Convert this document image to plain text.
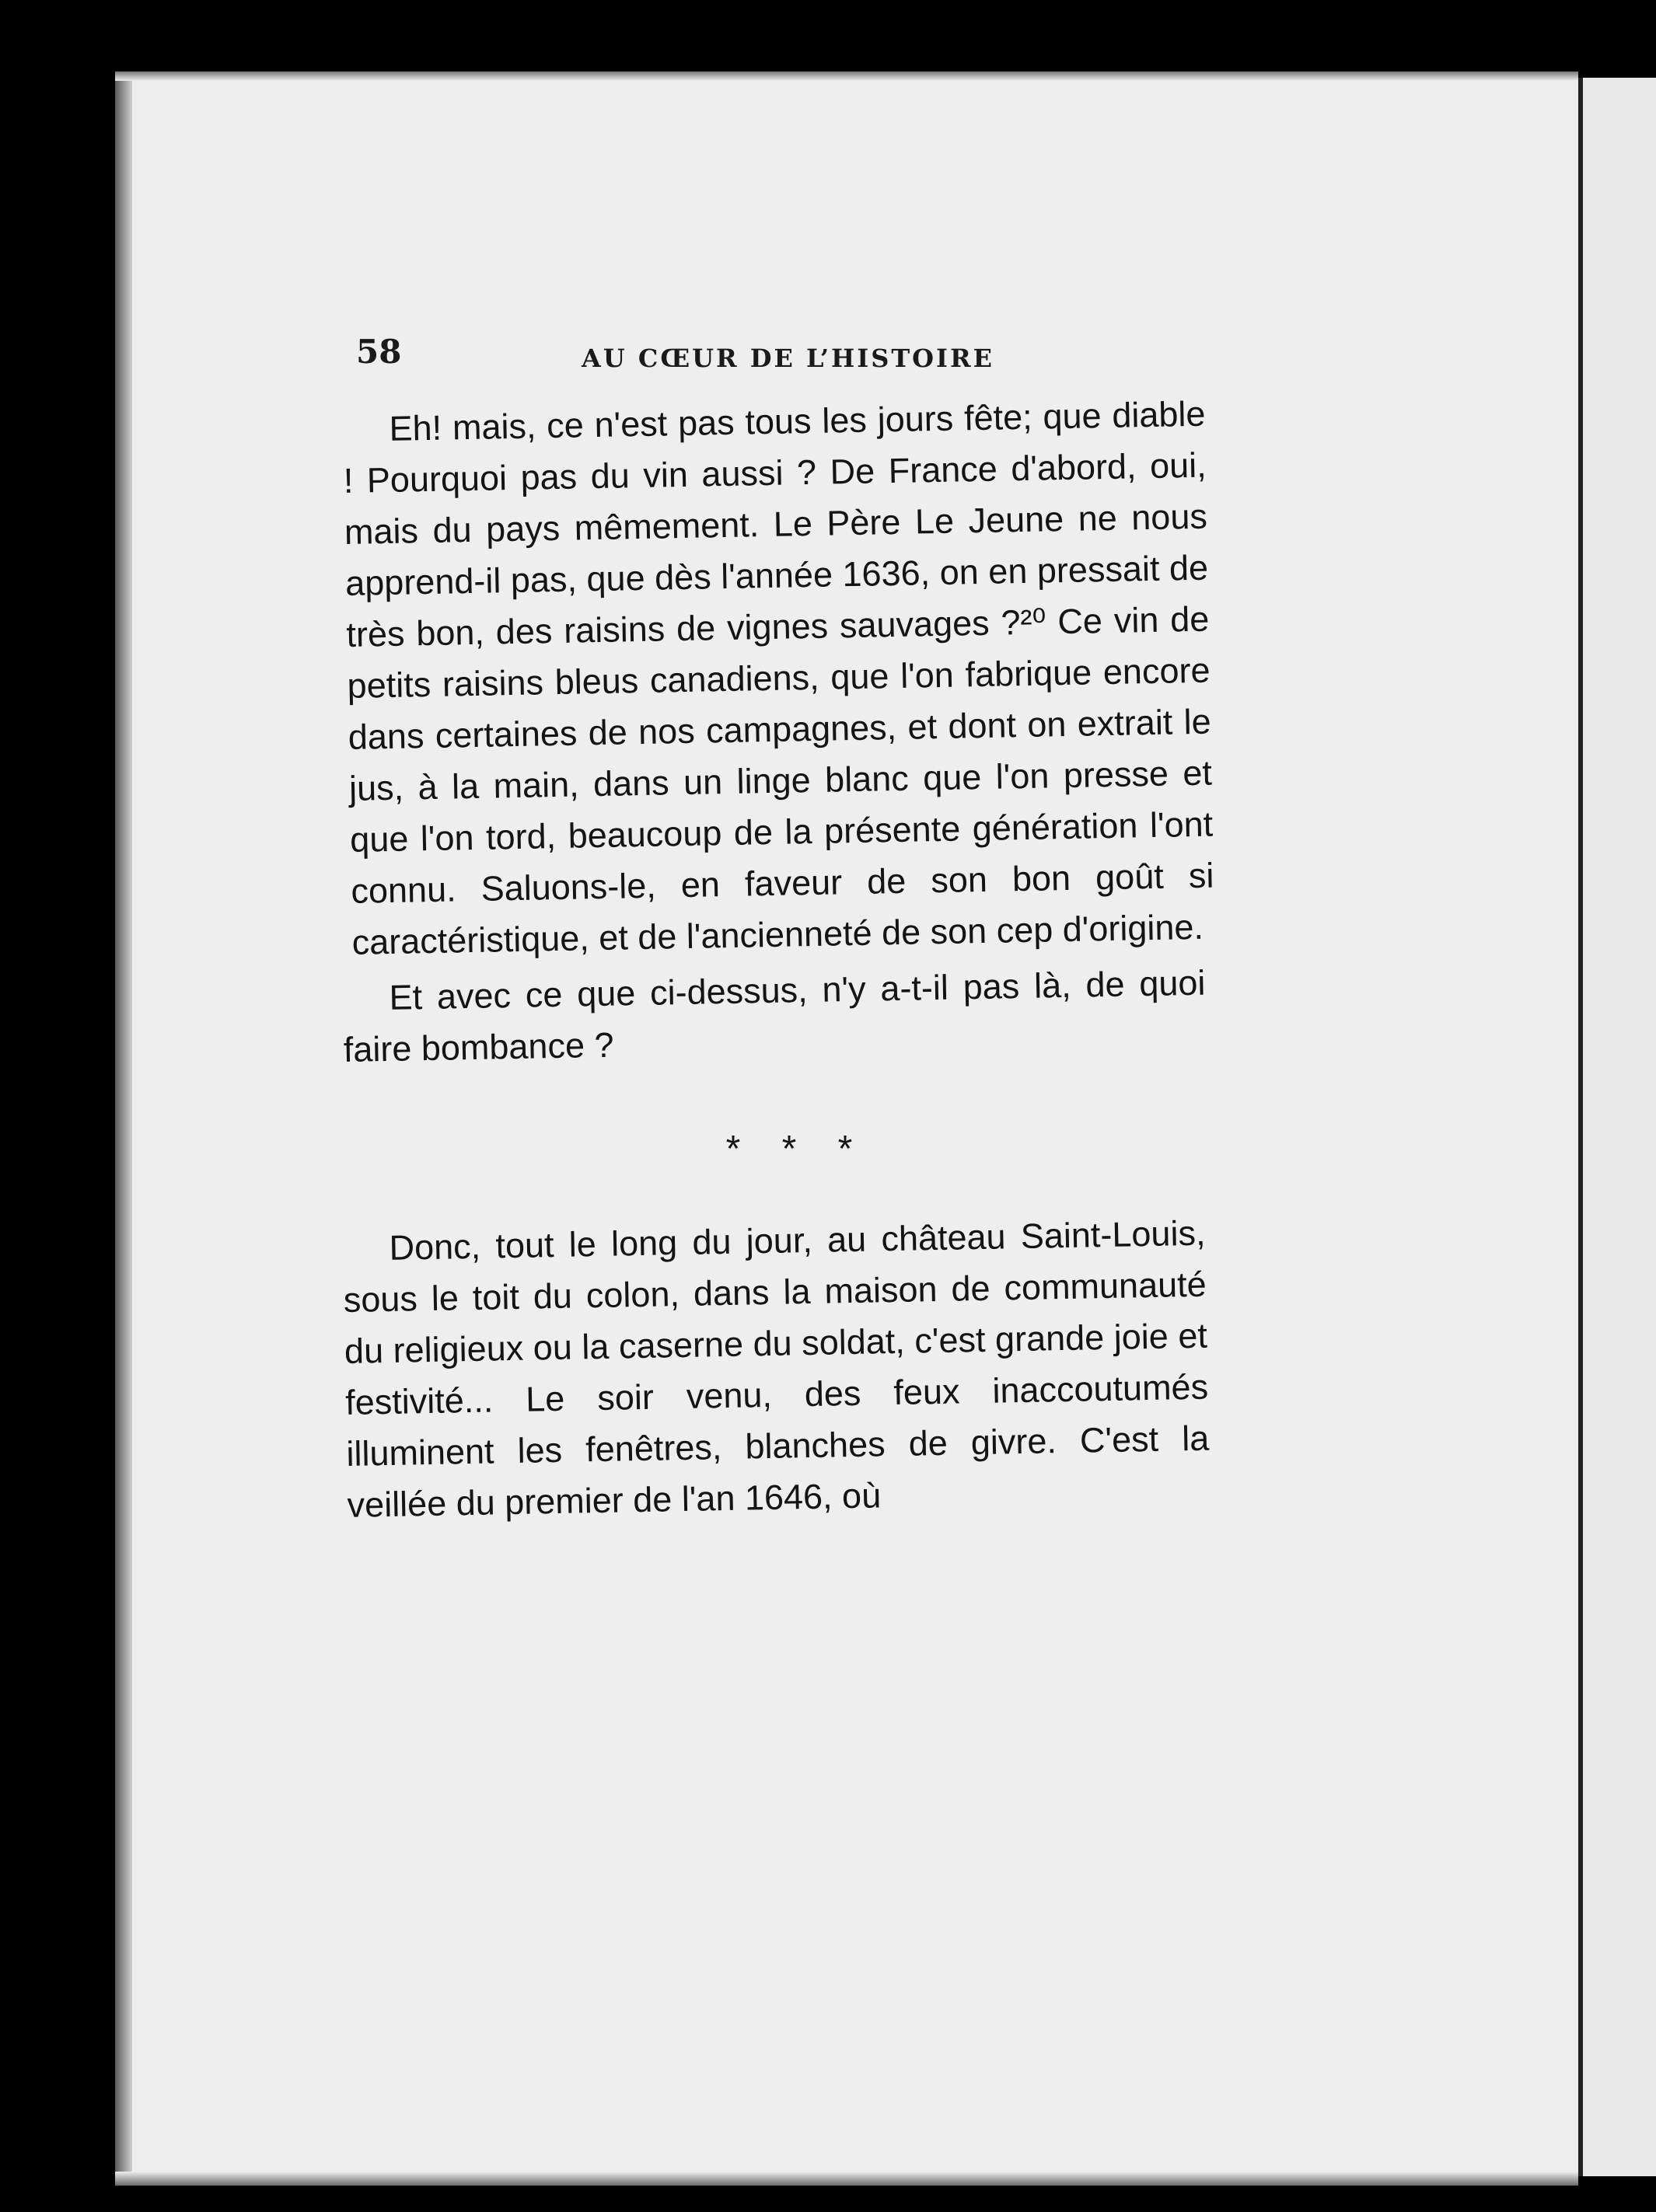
58	AU CŒUR DE L’HISTOIRE

Eh! mais, ce n'est pas tous les jours fête; que diable ! Pourquoi pas du vin aussi ? De France d'abord, oui, mais du pays mêmement. Le Père Le Jeune ne nous apprend-il pas, que dès l'année 1636, on en pressait de très bon, des raisins de vignes sauvages ?²⁰ Ce vin de petits raisins bleus canadiens, que l'on fabrique encore dans certaines de nos campagnes, et dont on extrait le jus, à la main, dans un linge blanc que l'on presse et que l'on tord, beaucoup de la présente génération l'ont connu. Saluons-le, en faveur de son bon goût si caractéristique, et de l'ancienneté de son cep d'origine.

Et avec ce que ci-dessus, n'y a-t-il pas là, de quoi faire bombance ?

* * *

Donc, tout le long du jour, au château Saint-Louis, sous le toit du colon, dans la maison de communauté du religieux ou la caserne du soldat, c'est grande joie et festivité... Le soir venu, des feux inaccoutumés illuminent les fenêtres, blanches de givre. C'est la veillée du premier de l'an 1646, où
